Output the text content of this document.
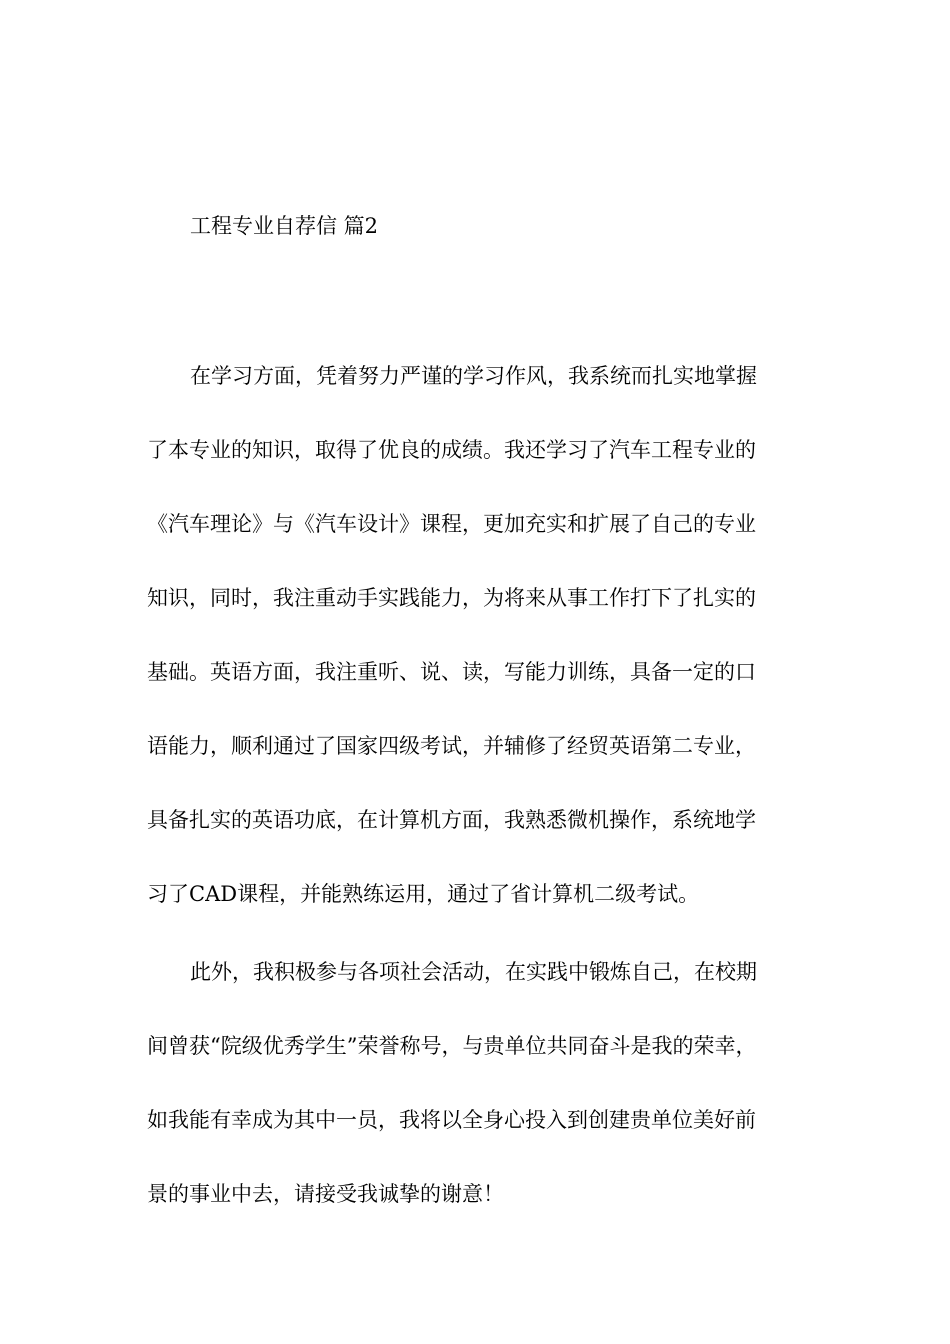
工程专业自荐信 篇2
在学习方面，凭着努力严谨的学习作风，我系统而扎实地掌握
了本专业的知识，取得了优良的成绩。我还学习了汽车工程专业的
《汽车理论》与《汽车设计》课程，更加充实和扩展了自己的专业
知识，同时，我注重动手实践能力，为将来从事工作打下了扎实的
基础。英语方面，我注重听、说、读，写能力训练，具备一定的口
语能力，顺利通过了国家四级考试，并辅修了经贸英语第二专业，
具备扎实的英语功底，在计算机方面，我熟悉微机操作，系统地学
习了CAD课程，并能熟练运用，通过了省计算机二级考试。
此外，我积极参与各项社会活动，在实践中锻炼自己，在校期
间曾获“院级优秀学生”荣誉称号，与贵单位共同奋斗是我的荣幸，
如我能有幸成为其中一员，我将以全身心投入到创建贵单位美好前
景的事业中去，请接受我诚挚的谢意！
